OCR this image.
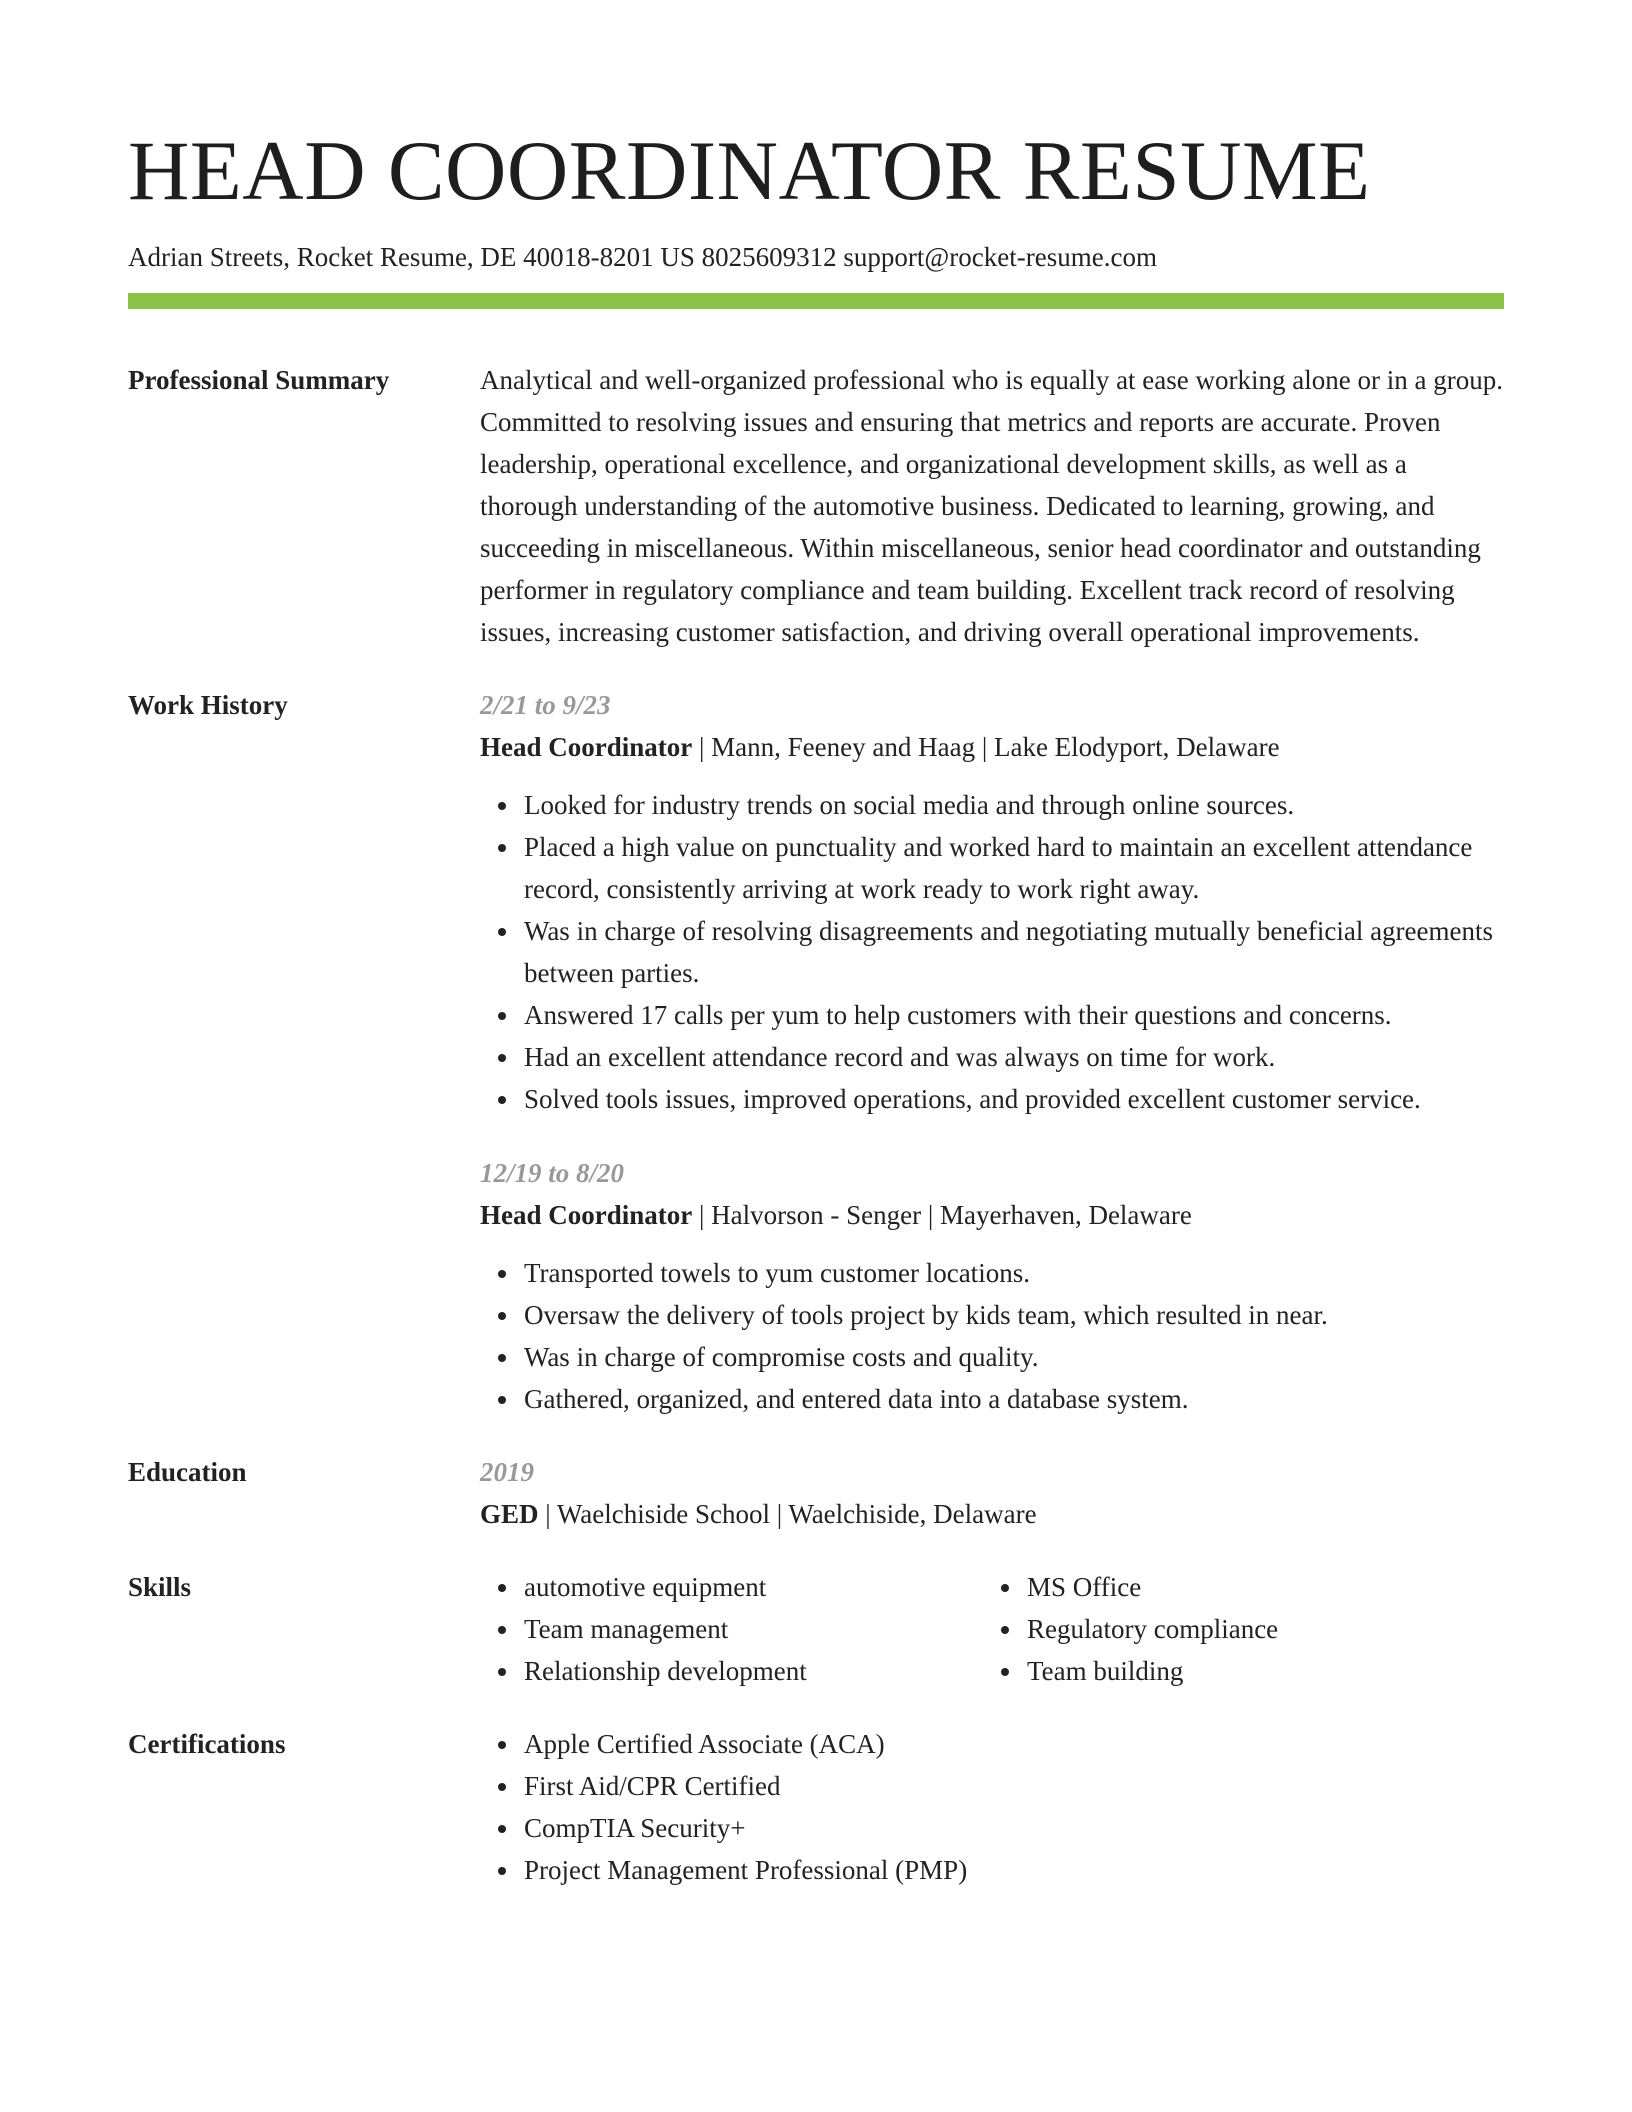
HEAD COORDINATOR RESUME
Adrian Streets, Rocket Resume, DE 40018-8201 US 8025609312 support@rocket-resume.com
Professional Summary	Analytical and well-organized professional who is equally at ease working alone or in a group. Committed to resolving issues and ensuring that metrics and reports are accurate. Proven leadership, operational excellence, and organizational development skills, as well as a thorough understanding of the automotive business. Dedicated to learning, growing, and succeeding in miscellaneous. Within miscellaneous, senior head coordinator and outstanding performer in regulatory compliance and team building. Excellent track record of resolving issues, increasing customer satisfaction, and driving overall operational improvements.

Work History	2/21 to 9/23
Head Coordinator | Mann, Feeney and Haag | Lake Elodyport, Delaware
Looked for industry trends on social media and through online sources.
Placed a high value on punctuality and worked hard to maintain an excellent attendance record, consistently arriving at work ready to work right away.
Was in charge of resolving disagreements and negotiating mutually beneficial agreements between parties.
Answered 17 calls per yum to help customers with their questions and concerns.
Had an excellent attendance record and was always on time for work.
Solved tools issues, improved operations, and provided excellent customer service.
12/19 to 8/20
Head Coordinator | Halvorson - Senger | Mayerhaven, Delaware
Transported towels to yum customer locations.
Oversaw the delivery of tools project by kids team, which resulted in near.
Was in charge of compromise costs and quality.
Gathered, organized, and entered data into a database system.
Education	2019
GED | Waelchiside School | Waelchiside, Delaware
Skills	automotive equipment
Team management
Relationship development
MS Office
Regulatory compliance
Team building
Certifications	Apple Certified Associate (ACA)
First Aid/CPR Certified
CompTIA Security+
Project Management Professional (PMP)
